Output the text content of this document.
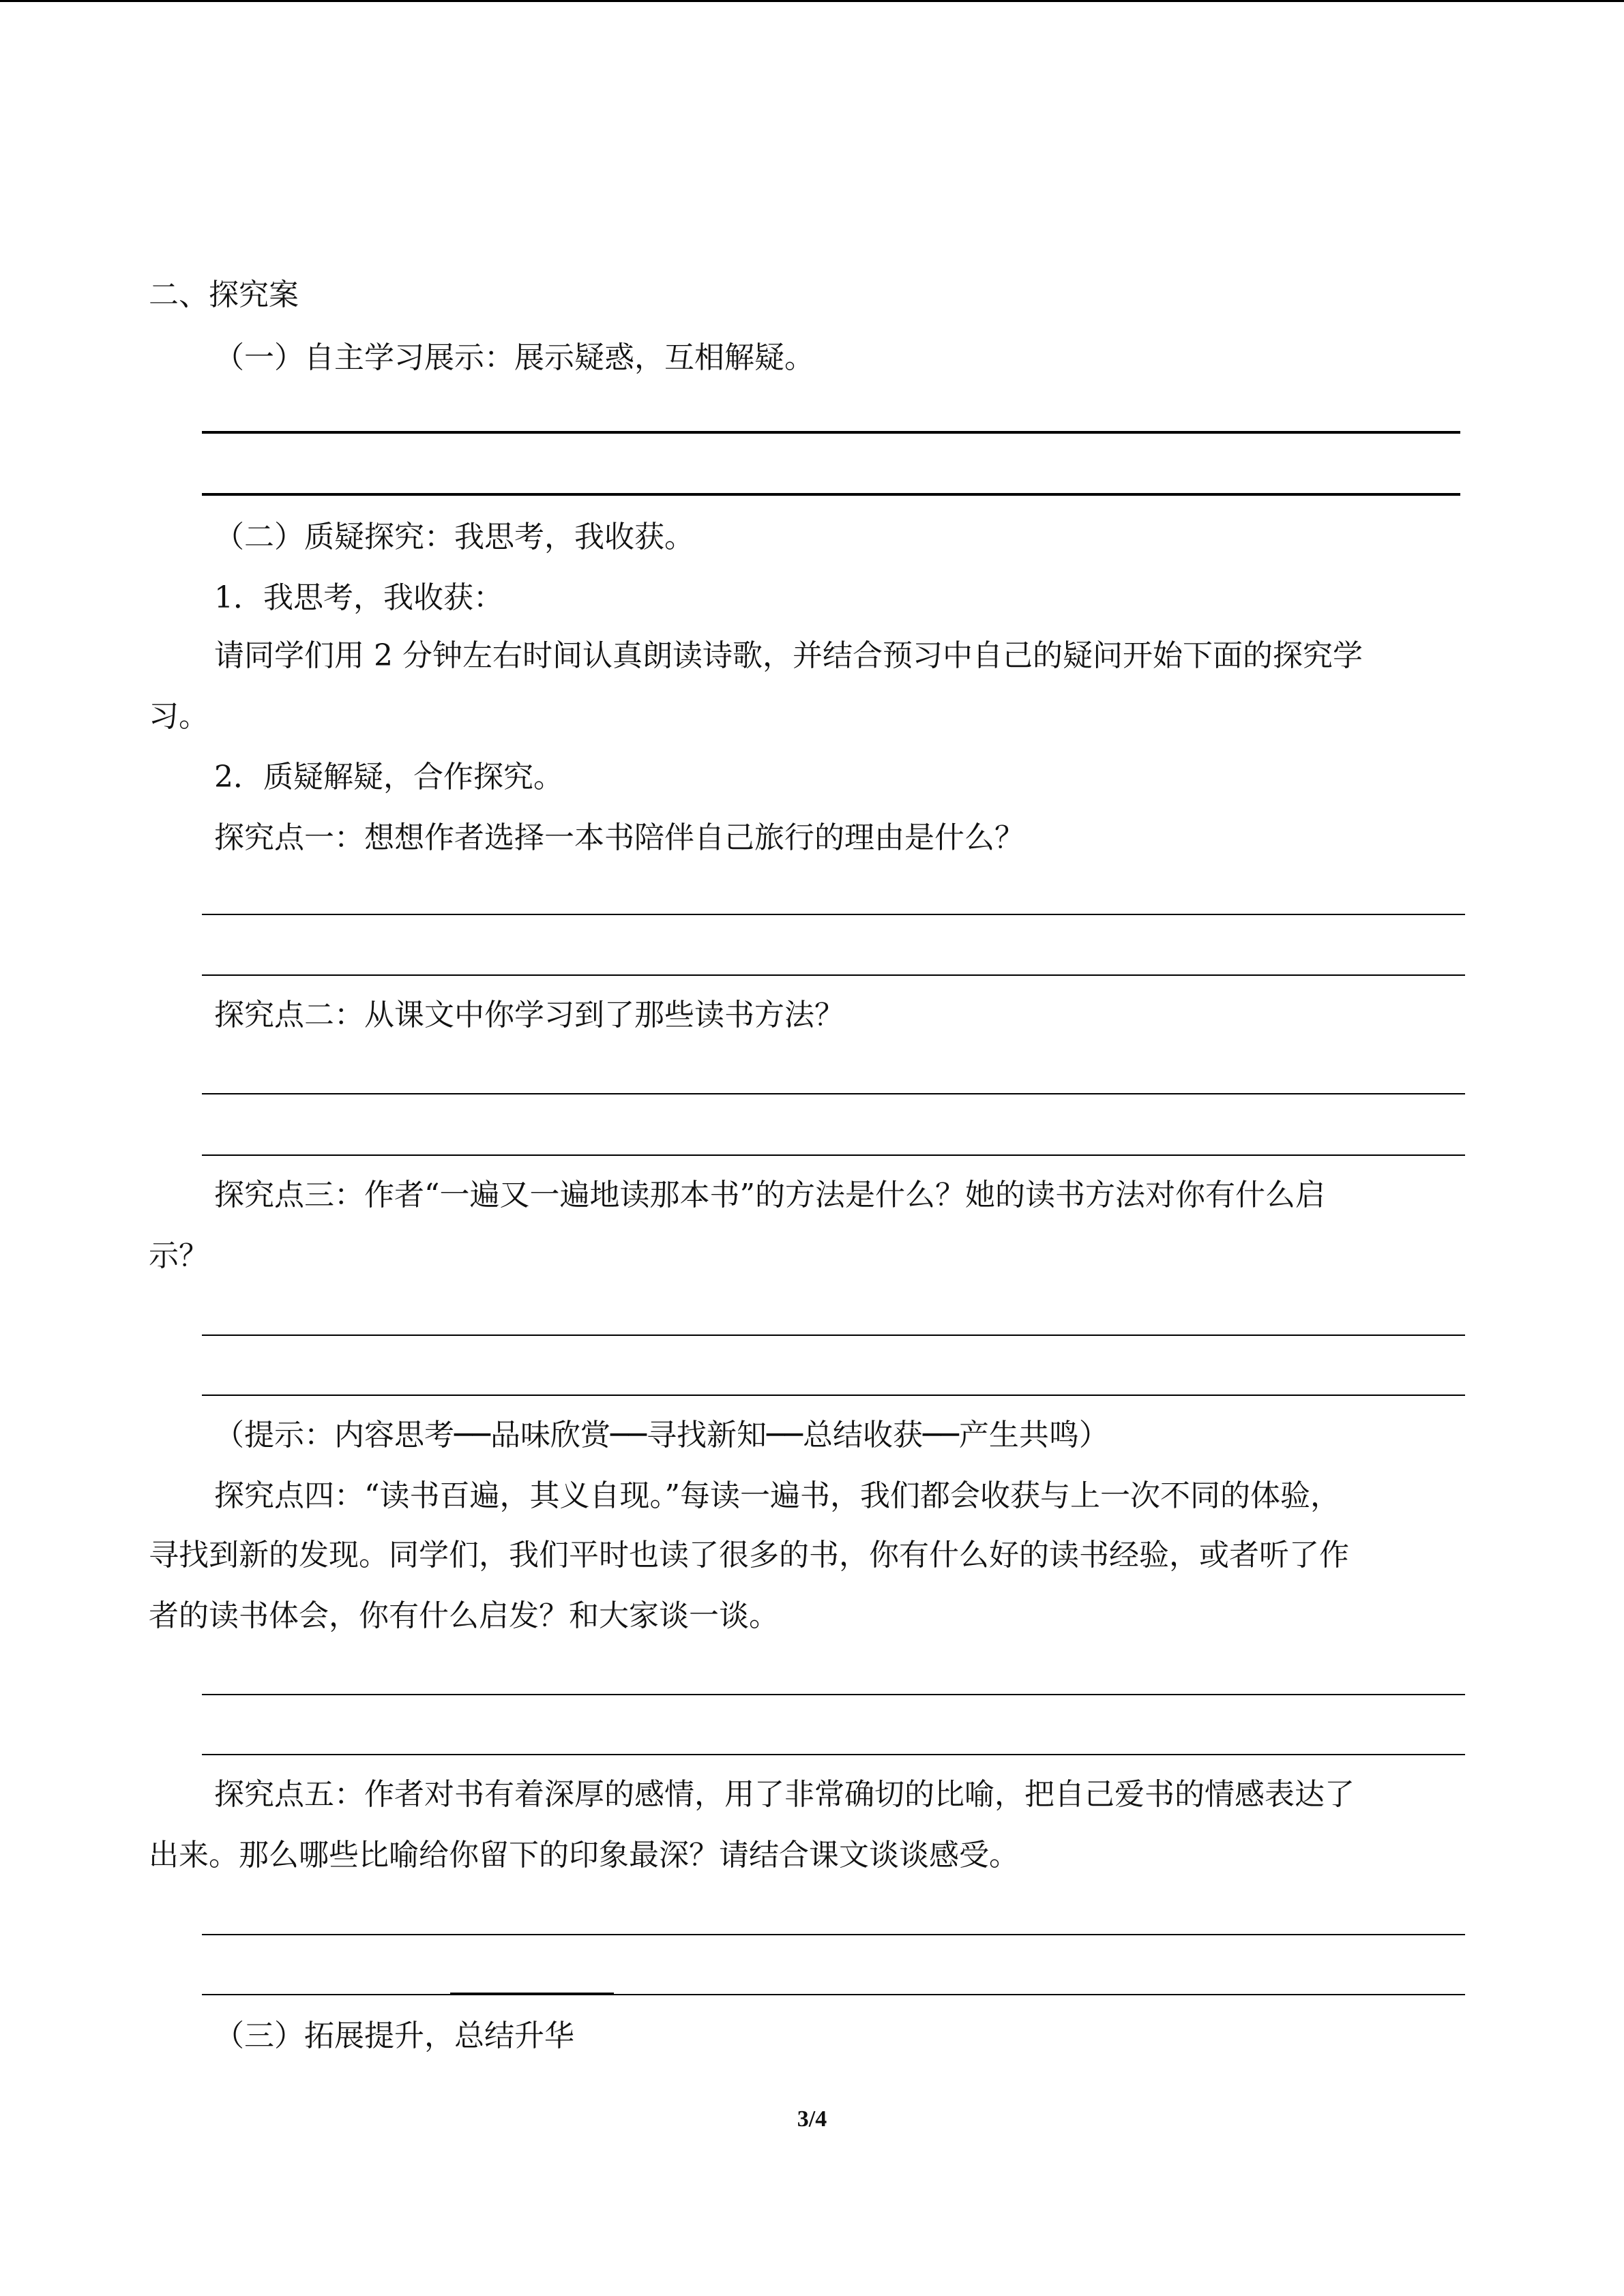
二、探究案
（一）自主学习展示：展示疑惑，互相解疑。
（二）质疑探究：我思考，我收获。
1．我思考，我收获：
请同学们用 2 分钟左右时间认真朗读诗歌，并结合预习中自己的疑问开始下面的探究学
习。
2．质疑解疑，合作探究。
探究点一：想想作者选择一本书陪伴自己旅行的理由是什么？
探究点二：从课文中你学习到了那些读书方法？
探究点三：作者“一遍又一遍地读那本书”的方法是什么？她的读书方法对你有什么启
示？
（提示：内容思考──品味欣赏──寻找新知──总结收获──产生共鸣）
探究点四：“读书百遍，其义自现。”每读一遍书，我们都会收获与上一次不同的体验，
寻找到新的发现。同学们，我们平时也读了很多的书，你有什么好的读书经验，或者听了作
者的读书体会，你有什么启发？和大家谈一谈。
探究点五：作者对书有着深厚的感情，用了非常确切的比喻，把自己爱书的情感表达了
出来。那么哪些比喻给你留下的印象最深？请结合课文谈谈感受。
（三）拓展提升，总结升华
3/4
